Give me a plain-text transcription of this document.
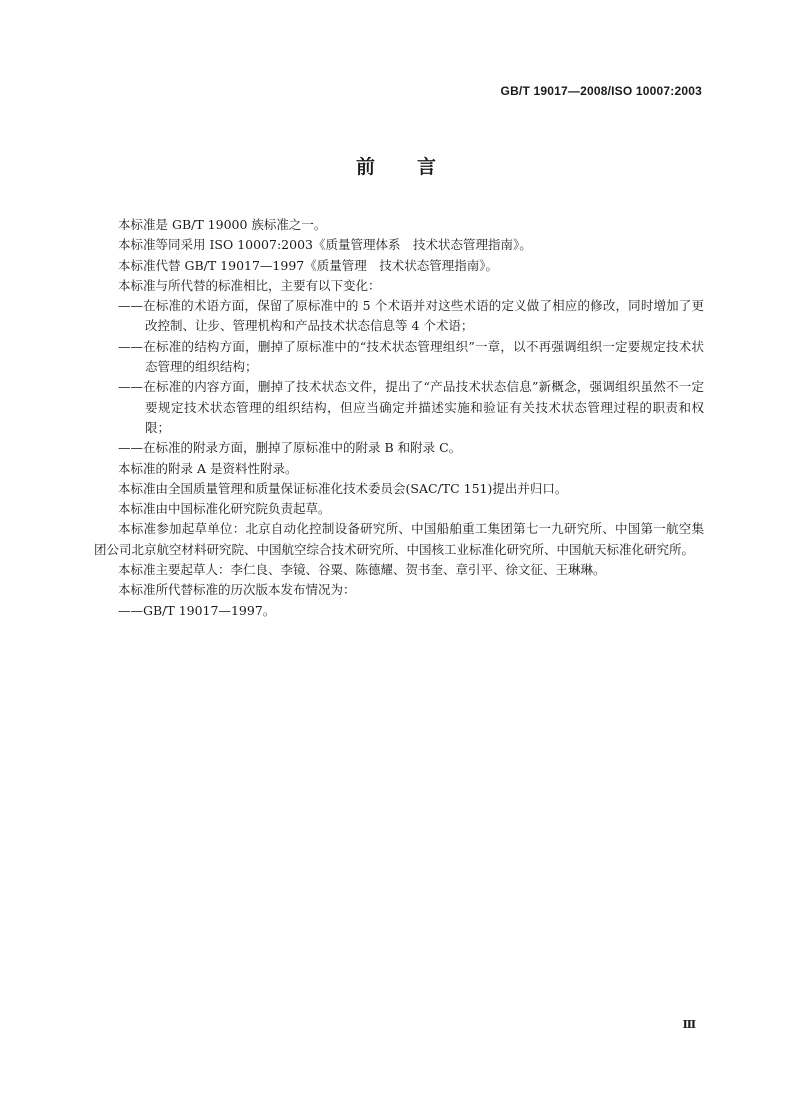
GB/T 19017—2008/ISO 10007:2003
前言

本标准是 GB/T 19000 族标准之一。

本标准等同采用 ISO 10007:2003《质量管理体系　技术状态管理指南》。

本标准代替 GB/T 19017—1997《质量管理　技术状态管理指南》。

本标准与所代替的标准相比，主要有以下变化：

——在标准的术语方面，保留了原标准中的 5 个术语并对这些术语的定义做了相应的修改，同时增加了更改控制、让步、管理机构和产品技术状态信息等 4 个术语；

——在标准的结构方面，删掉了原标准中的“技术状态管理组织”一章，以不再强调组织一定要规定技术状态管理的组织结构；

——在标准的内容方面，删掉了技术状态文件，提出了“产品技术状态信息”新概念，强调组织虽然不一定要规定技术状态管理的组织结构，但应当确定并描述实施和验证有关技术状态管理过程的职责和权限；

——在标准的附录方面，删掉了原标准中的附录 B 和附录 C。

本标准的附录 A 是资料性附录。

本标准由全国质量管理和质量保证标准化技术委员会(SAC/TC 151)提出并归口。

本标准由中国标准化研究院负责起草。

本标准参加起草单位：北京自动化控制设备研究所、中国船舶重工集团第七一九研究所、中国第一航空集团公司北京航空材料研究院、中国航空综合技术研究所、中国核工业标准化研究所、中国航天标准化研究所。

本标准主要起草人：李仁良、李镜、谷粟、陈德耀、贺书奎、章引平、徐文征、王琳琳。

本标准所代替标准的历次版本发布情况为：

——GB/T 19017—1997。

Ⅲ
